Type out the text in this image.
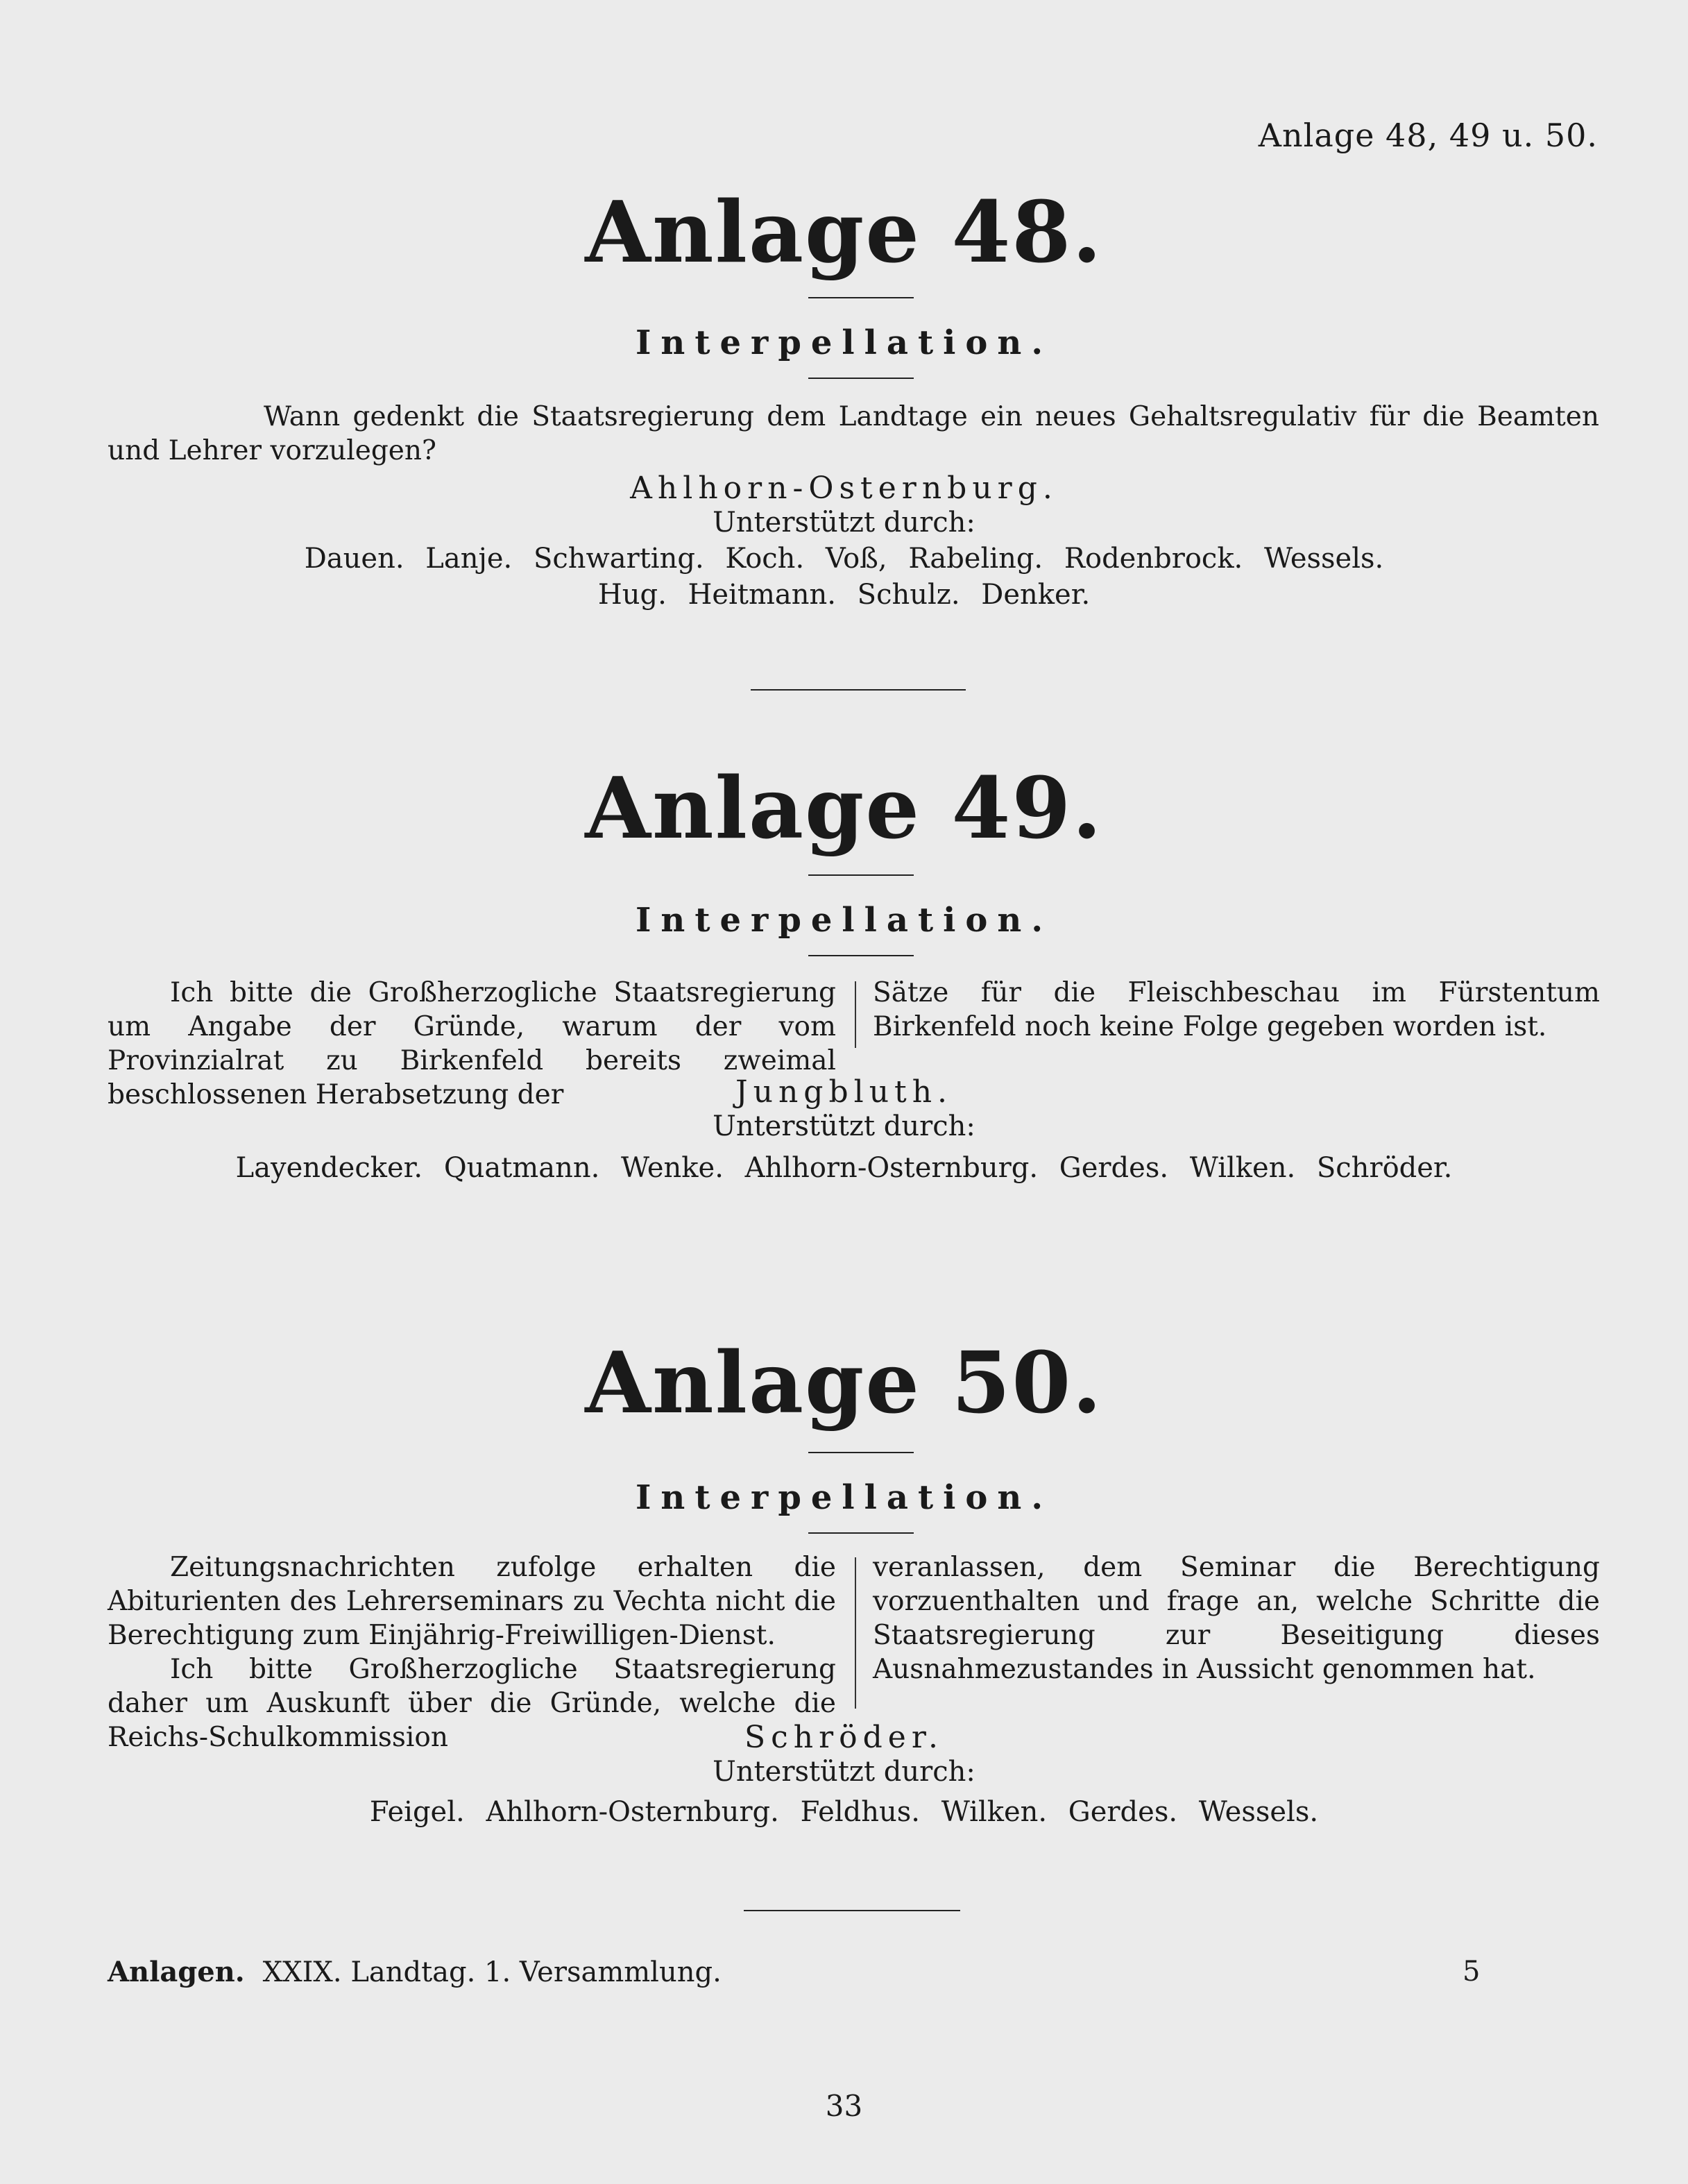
Anlage 48, 49 u. 50.
Anlage 48.
Interpellation.
Wann gedenkt die Staatsregierung dem Landtage ein neues Gehaltsregulativ für die Beamten und Lehrer vorzulegen?
Ahlhorn-Osternburg.
Unterstützt durch:
Dauen. Lanje. Schwarting. Koch. Voß, Rabeling. Rodenbrock. Wessels.
Hug. Heitmann. Schulz. Denker.
Anlage 49.
Interpellation.
Ich bitte die Großherzogliche Staatsregierung um Angabe der Gründe, warum der vom Provinzialrat zu Birkenfeld bereits zweimal beschlossenen Herabsetzung der
Sätze für die Fleischbeschau im Fürstentum Birkenfeld noch keine Folge gegeben worden ist.
Jungbluth.
Unterstützt durch:
Layendecker. Quatmann. Wenke. Ahlhorn-Osternburg. Gerdes. Wilken. Schröder.
Anlage 50.
Interpellation.
Zeitungsnachrichten zufolge erhalten die Abiturienten des Lehrerseminars zu Vechta nicht die Berechtigung zum Einjährig-Freiwilligen-Dienst.
Ich bitte Großherzogliche Staatsregierung daher um Auskunft über die Gründe, welche die Reichs-Schulkommission
veranlassen, dem Seminar die Berechtigung vorzuenthalten und frage an, welche Schritte die Staatsregierung zur Beseitigung dieses Ausnahmezustandes in Aussicht genommen hat.
Schröder.
Unterstützt durch:
Feigel. Ahlhorn-Osternburg. Feldhus. Wilken. Gerdes. Wessels.
Anlagen. XXIX. Landtag. 1. Versammlung.	5
33
